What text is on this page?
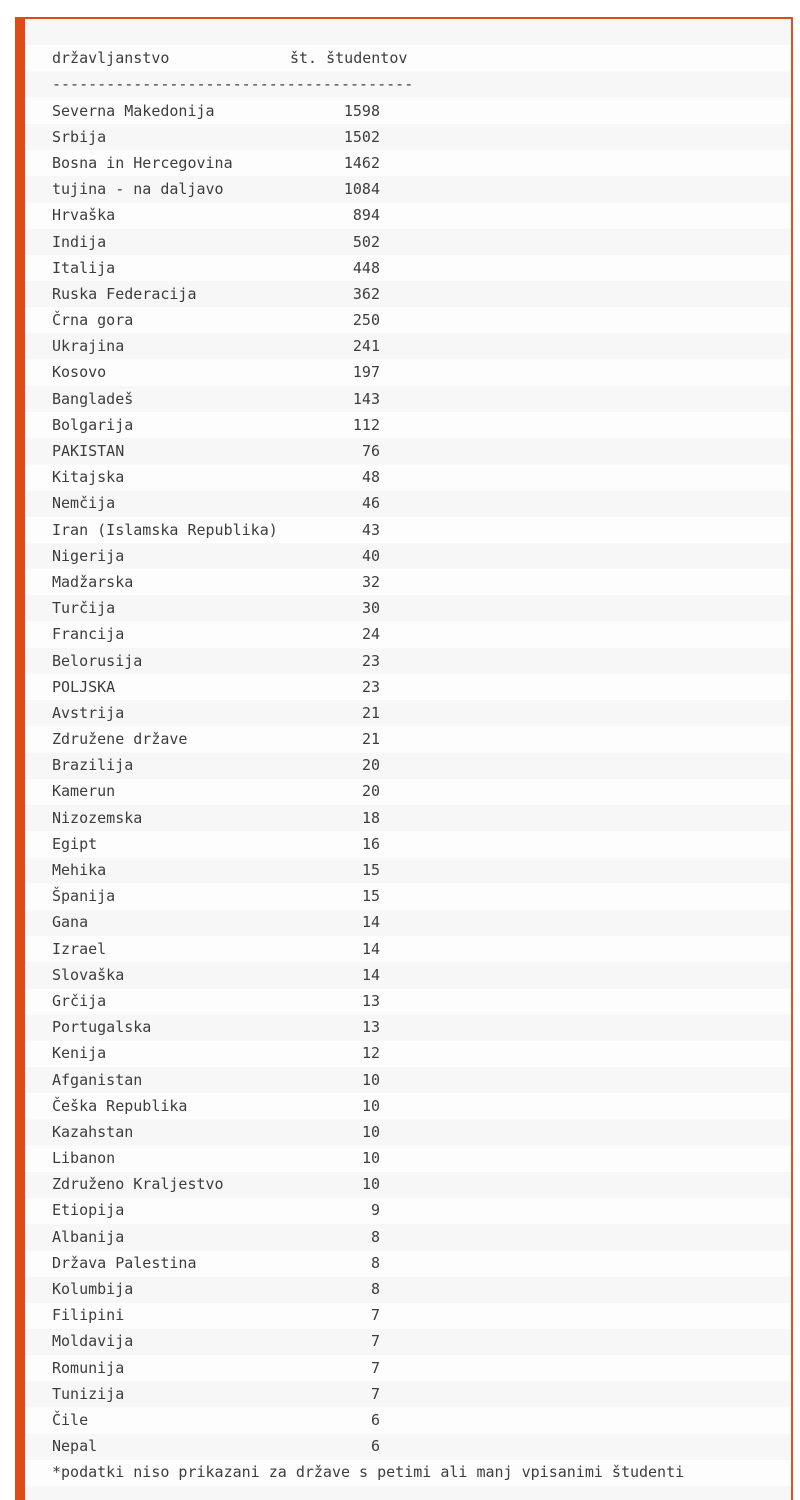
državljanstvo	št. študentov
----------------------------------------
Severna Makedonija	1598
Srbija	1502
Bosna in Hercegovina	1462
tujina - na daljavo	1084
Hrvaška	894
Indija	502
Italija	448
Ruska Federacija	362
Črna gora	250
Ukrajina	241
Kosovo	197
Bangladeš	143
Bolgarija	112
PAKISTAN	76
Kitajska	48
Nemčija	46
Iran (Islamska Republika)	43
Nigerija	40
Madžarska	32
Turčija	30
Francija	24
Belorusija	23
POLJSKA	23
Avstrija	21
Združene države	21
Brazilija	20
Kamerun	20
Nizozemska	18
Egipt	16
Mehika	15
Španija	15
Gana	14
Izrael	14
Slovaška	14
Grčija	13
Portugalska	13
Kenija	12
Afganistan	10
Češka Republika	10
Kazahstan	10
Libanon	10
Združeno Kraljestvo	10
Etiopija	9
Albanija	8
Država Palestina	8
Kolumbija	8
Filipini	7
Moldavija	7
Romunija	7
Tunizija	7
Čile	6
Nepal	6
*podatki niso prikazani za države s petimi ali manj vpisanimi študenti
